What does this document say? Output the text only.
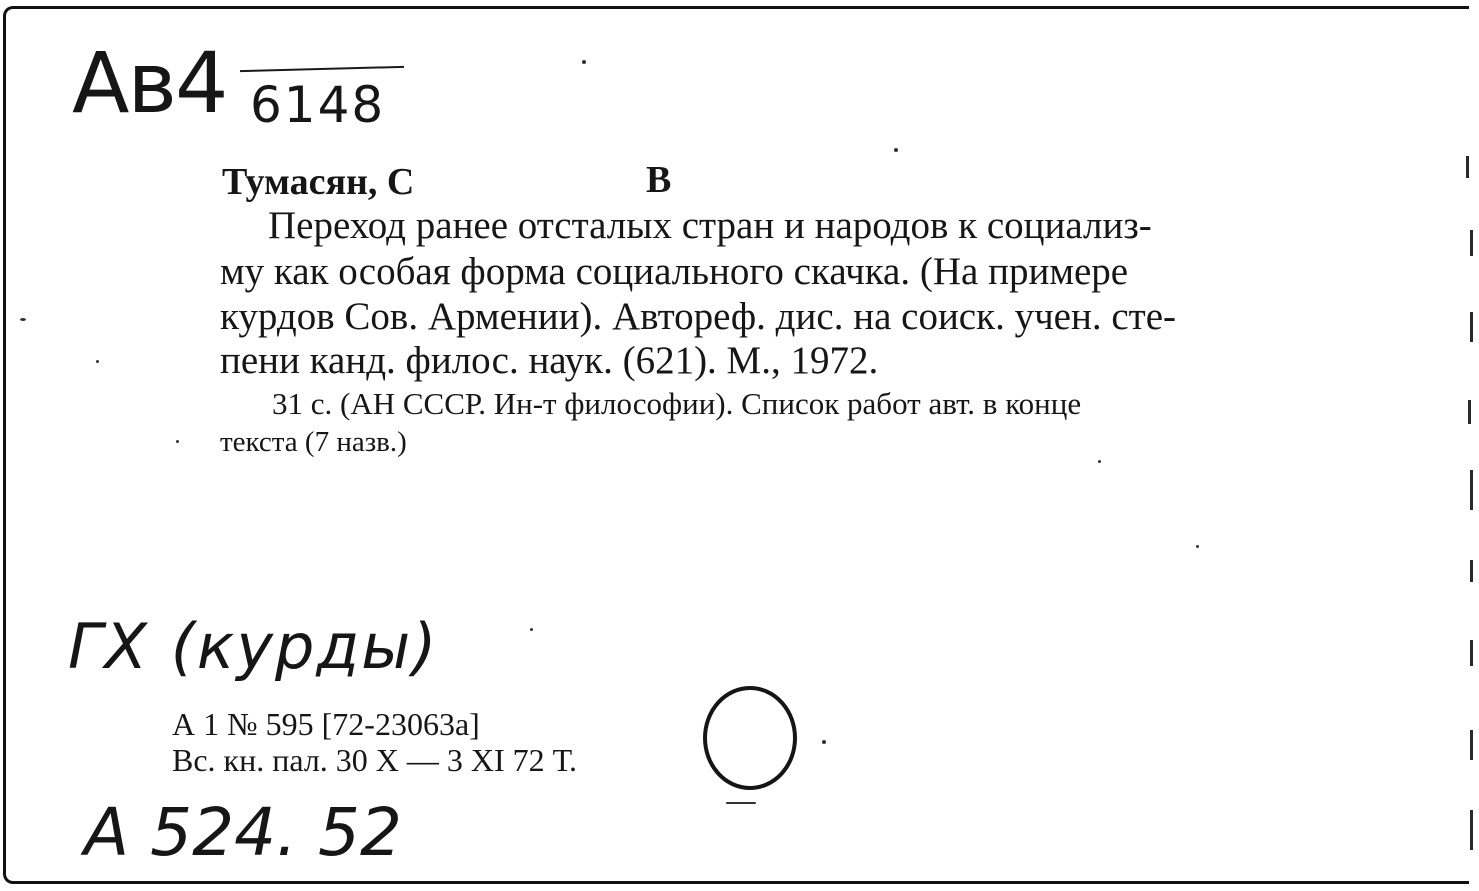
Ав4 6148
Тумасян, С	В
Переход ранее отсталых стран и народов к социализ-
му как особая форма социального скачка. (На примере
курдов Сов. Армении). Автореф. дис. на соиск. учен. сте-
пени канд. филос. наук. (621). М., 1972.
31 с. (АН СССР. Ин-т философии). Список работ авт. в конце
текста (7 назв.)
ГХ (курды)
А 1 № 595 [72-23063а]
Вс. кн. пал. 30 X — 3 XI 72 Т.
А 524. 52
